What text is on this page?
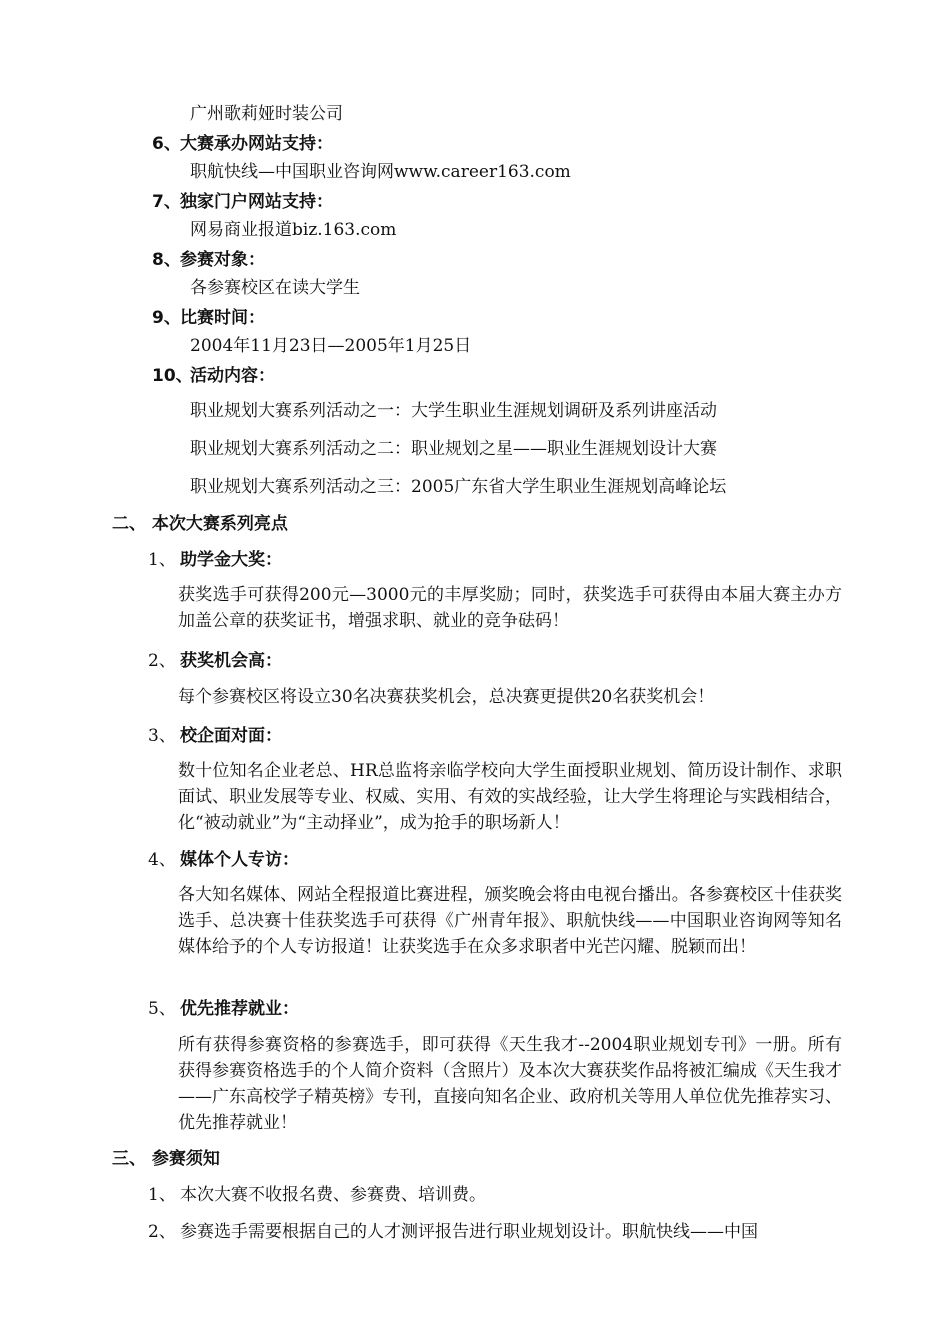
广州歌莉娅时装公司
6、 大赛承办网站支持：
职航快线—中国职业咨询网www.career163.com
7、 独家门户网站支持：
网易商业报道biz.163.com
8、 参赛对象：
各参赛校区在读大学生
9、 比赛时间：
2004年11月23日—2005年1月25日
10、
活动内容：
职业规划大赛系列活动之一：大学生职业生涯规划调研及系列讲座活动
职业规划大赛系列活动之二：职业规划之星——职业生涯规划设计大赛
职业规划大赛系列活动之三：2005广东省大学生职业生涯规划高峰论坛
二、 本次大赛系列亮点
1、 助学金大奖：
获奖选手可获得200元—3000元的丰厚奖励；同时，获奖选手可获得由本届大赛主办方加盖公章的获奖证书，增强求职、就业的竞争砝码！
2、 获奖机会高：
每个参赛校区将设立30名决赛获奖机会，总决赛更提供20名获奖机会！
3、 校企面对面：
数十位知名企业老总、HR总监将亲临学校向大学生面授职业规划、简历设计制作、求职面试、职业发展等专业、权威、实用、有效的实战经验，让大学生将理论与实践相结合，化“被动就业”为“主动择业”，成为抢手的职场新人！
4、 媒体个人专访：
各大知名媒体、网站全程报道比赛进程，颁奖晚会将由电视台播出。各参赛校区十佳获奖选手、总决赛十佳获奖选手可获得《广州青年报》、职航快线——中国职业咨询网等知名媒体给予的个人专访报道！让获奖选手在众多求职者中光芒闪耀、脱颖而出！
5、 优先推荐就业：
所有获得参赛资格的参赛选手，即可获得《天生我才--2004职业规划专刊》一册。所有获得参赛资格选手的个人简介资料（含照片）及本次大赛获奖作品将被汇编成《天生我才——广东高校学子精英榜》专刊，直接向知名企业、政府机关等用人单位优先推荐实习、优先推荐就业！
三、 参赛须知
1、 本次大赛不收报名费、参赛费、培训费。
2、 参赛选手需要根据自己的人才测评报告进行职业规划设计。职航快线——中国
